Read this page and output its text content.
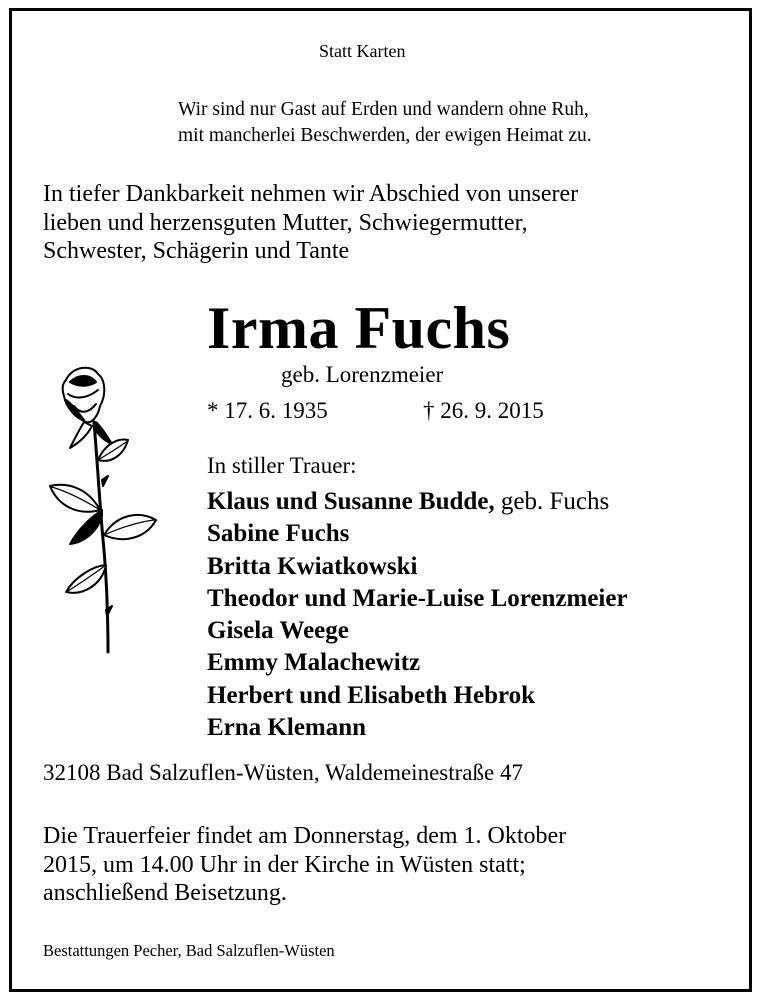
Statt Karten
Wir sind nur Gast auf Erden und wandern ohne Ruh,
mit mancherlei Beschwerden, der ewigen Heimat zu.
In tiefer Dankbarkeit nehmen wir Abschied von unserer
lieben und herzensguten Mutter, Schwiegermutter,
Schwester, Schägerin und Tante
Irma Fuchs
geb. Lorenzmeier
* 17. 6. 1935	† 26. 9. 2015
In stiller Trauer:
Klaus und Susanne Budde, geb. Fuchs
Sabine Fuchs
Britta Kwiatkowski
Theodor und Marie-Luise Lorenzmeier
Gisela Weege
Emmy Malachewitz
Herbert und Elisabeth Hebrok
Erna Klemann
32108 Bad Salzuflen-Wüsten, Waldemeinestraße 47
Die Trauerfeier findet am Donnerstag, dem 1. Oktober
2015, um 14.00 Uhr in der Kirche in Wüsten statt;
anschließend Beisetzung.
Bestattungen Pecher, Bad Salzuflen-Wüsten
